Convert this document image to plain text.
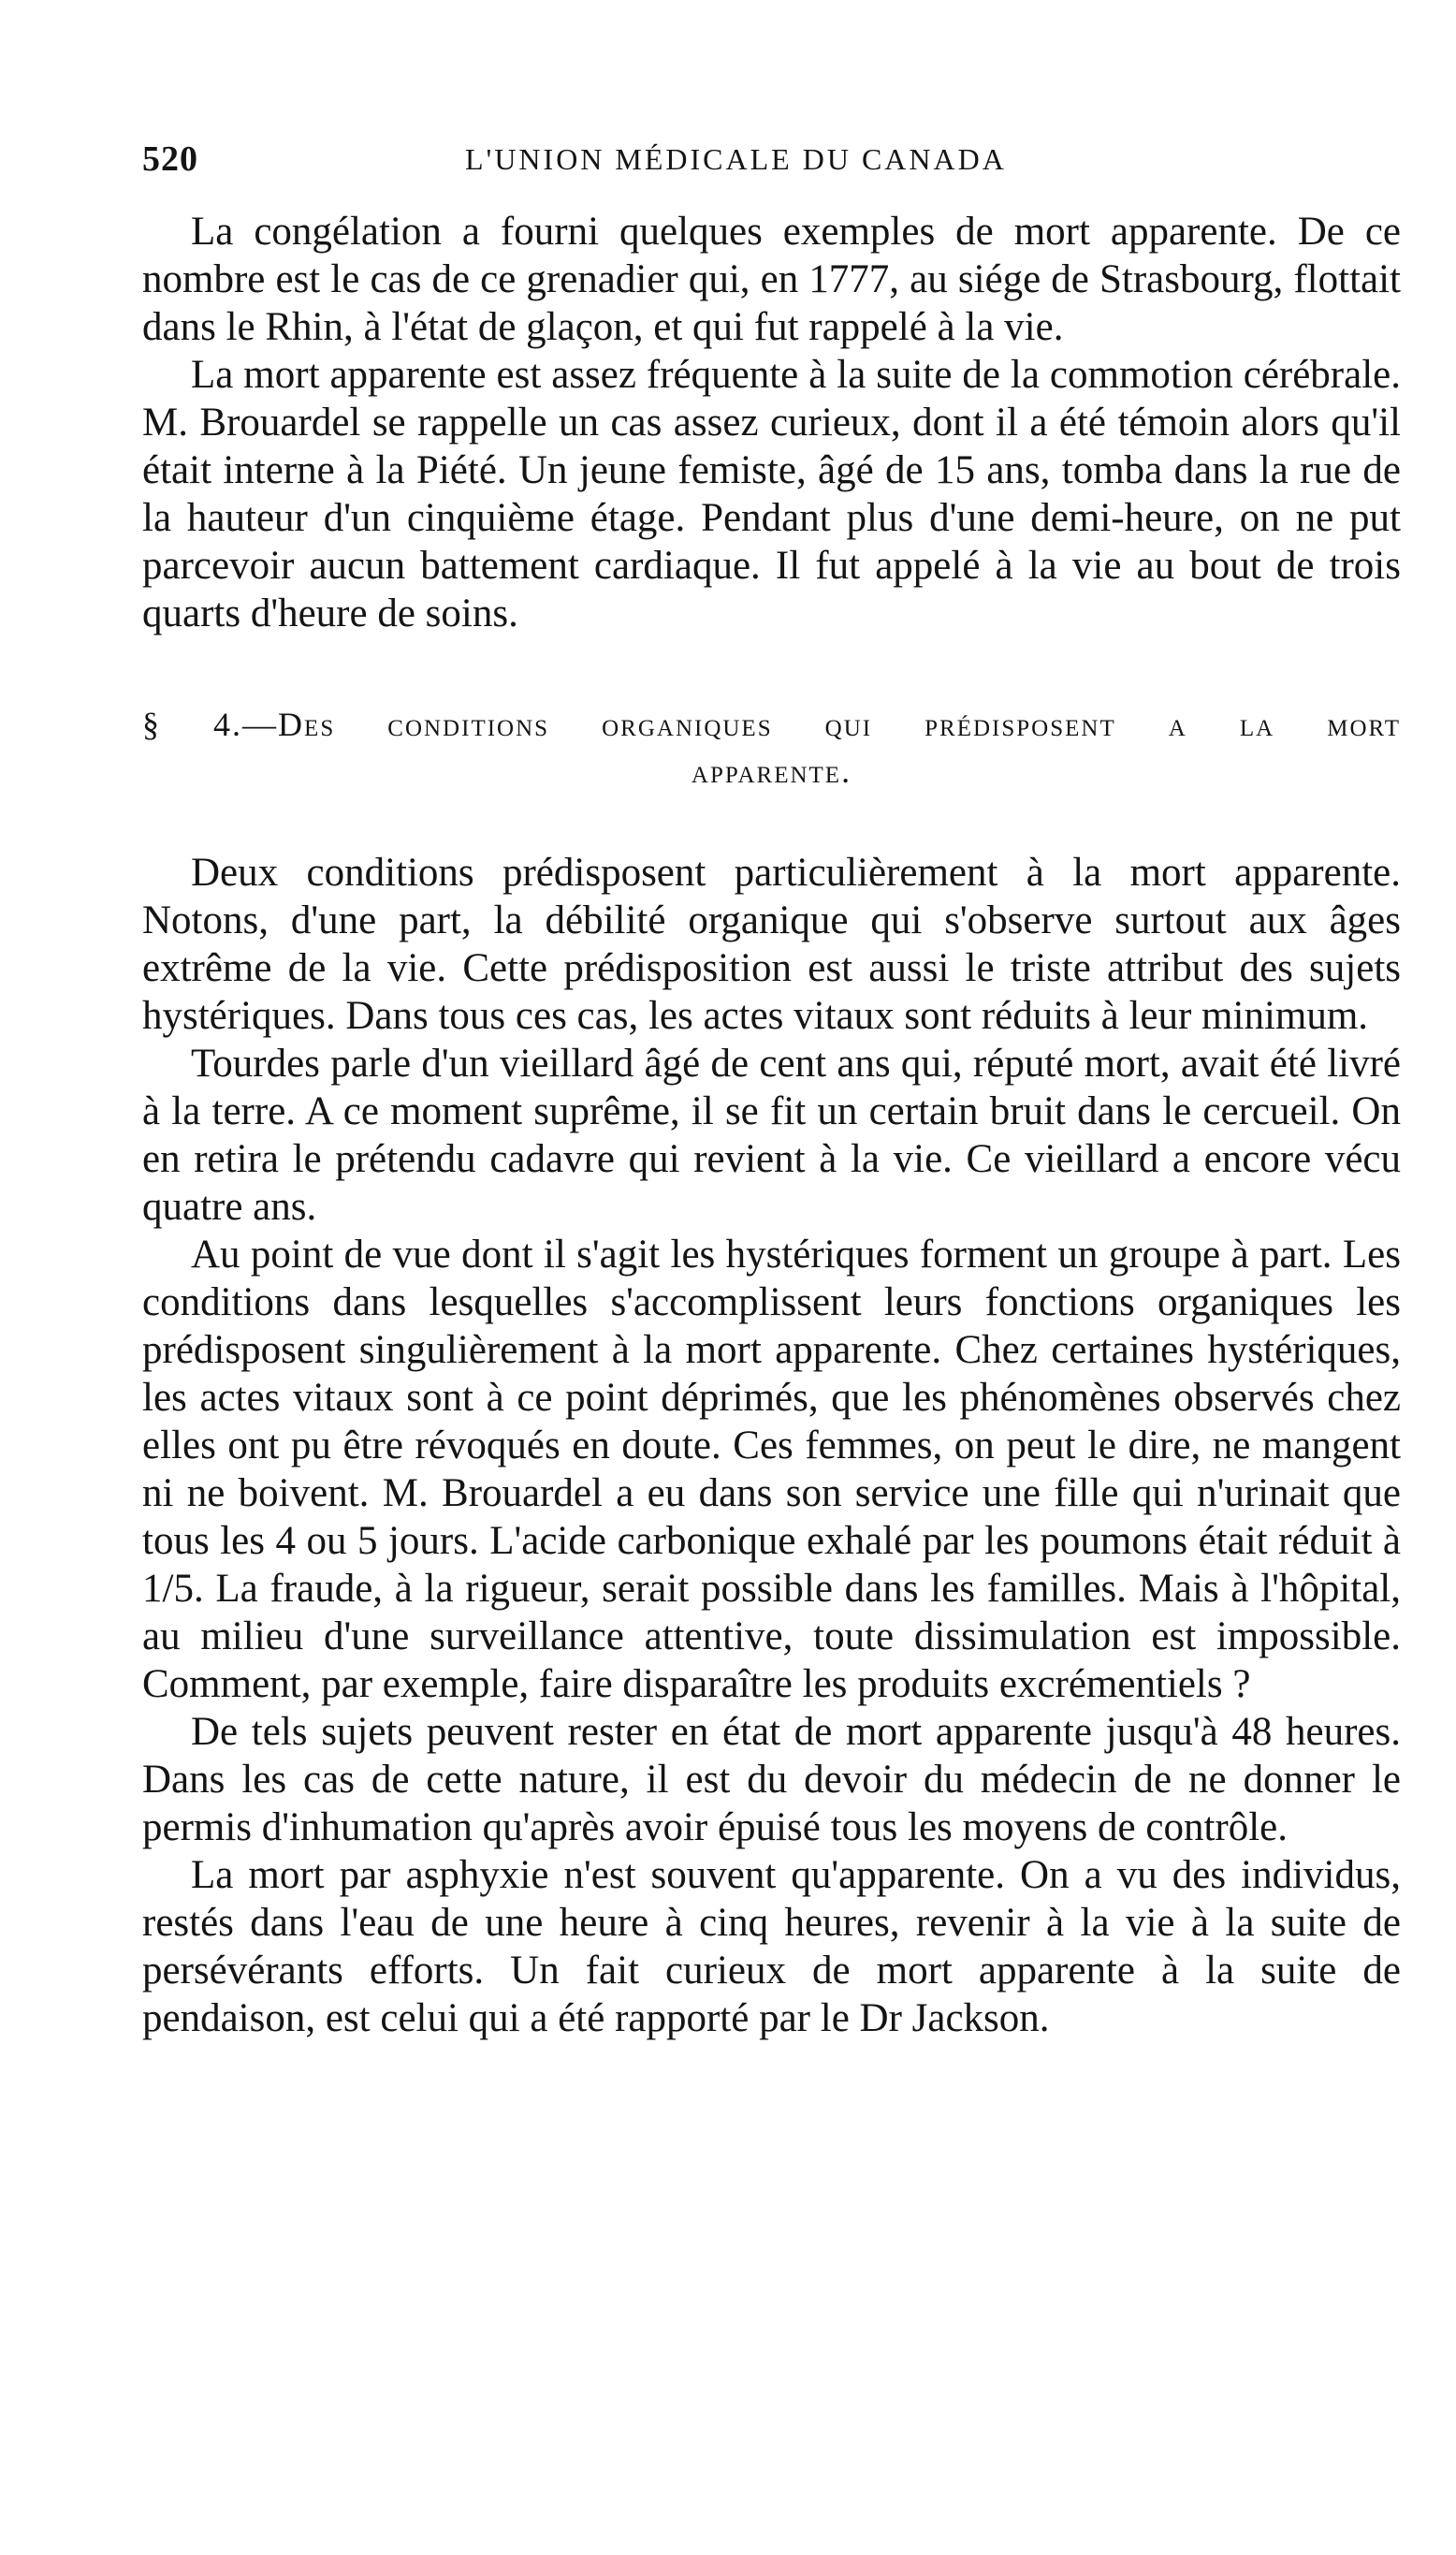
520	L'UNION MÉDICALE DU CANADA

La congélation a fourni quelques exemples de mort apparente. De ce nombre est le cas de ce grenadier qui, en 1777, au siége de Strasbourg, flottait dans le Rhin, à l'état de glaçon, et qui fut rappelé à la vie.

La mort apparente est assez fréquente à la suite de la commotion cérébrale. M. Brouardel se rappelle un cas assez curieux, dont il a été témoin alors qu'il était interne à la Piété. Un jeune femiste, âgé de 15 ans, tomba dans la rue de la hauteur d'un cinquième étage. Pendant plus d'une demi-heure, on ne put parcevoir aucun battement cardiaque. Il fut appelé à la vie au bout de trois quarts d'heure de soins.

§ 4.—Des conditions organiques qui prédisposent a la mort
apparente.

Deux conditions prédisposent particulièrement à la mort apparente. Notons, d'une part, la débilité organique qui s'observe surtout aux âges extrême de la vie. Cette prédisposition est aussi le triste attribut des sujets hystériques. Dans tous ces cas, les actes vitaux sont réduits à leur minimum.

Tourdes parle d'un vieillard âgé de cent ans qui, réputé mort, avait été livré à la terre. A ce moment suprême, il se fit un certain bruit dans le cercueil. On en retira le prétendu cadavre qui revient à la vie. Ce vieillard a encore vécu quatre ans.

Au point de vue dont il s'agit les hystériques forment un groupe à part. Les conditions dans lesquelles s'accomplissent leurs fonctions organiques les prédisposent singulièrement à la mort apparente. Chez certaines hystériques, les actes vitaux sont à ce point déprimés, que les phénomènes observés chez elles ont pu être révoqués en doute. Ces femmes, on peut le dire, ne mangent ni ne boivent. M. Brouardel a eu dans son service une fille qui n'urinait que tous les 4 ou 5 jours. L'acide carbonique exhalé par les poumons était réduit à 1/5. La fraude, à la rigueur, serait possible dans les familles. Mais à l'hôpital, au milieu d'une surveillance attentive, toute dissimulation est impossible. Comment, par exemple, faire disparaître les produits excrémentiels ?

De tels sujets peuvent rester en état de mort apparente jusqu'à 48 heures. Dans les cas de cette nature, il est du devoir du médecin de ne donner le permis d'inhumation qu'après avoir épuisé tous les moyens de contrôle.

La mort par asphyxie n'est souvent qu'apparente. On a vu des individus, restés dans l'eau de une heure à cinq heures, revenir à la vie à la suite de persévérants efforts. Un fait curieux de mort apparente à la suite de pendaison, est celui qui a été rapporté par le Dr Jackson.
